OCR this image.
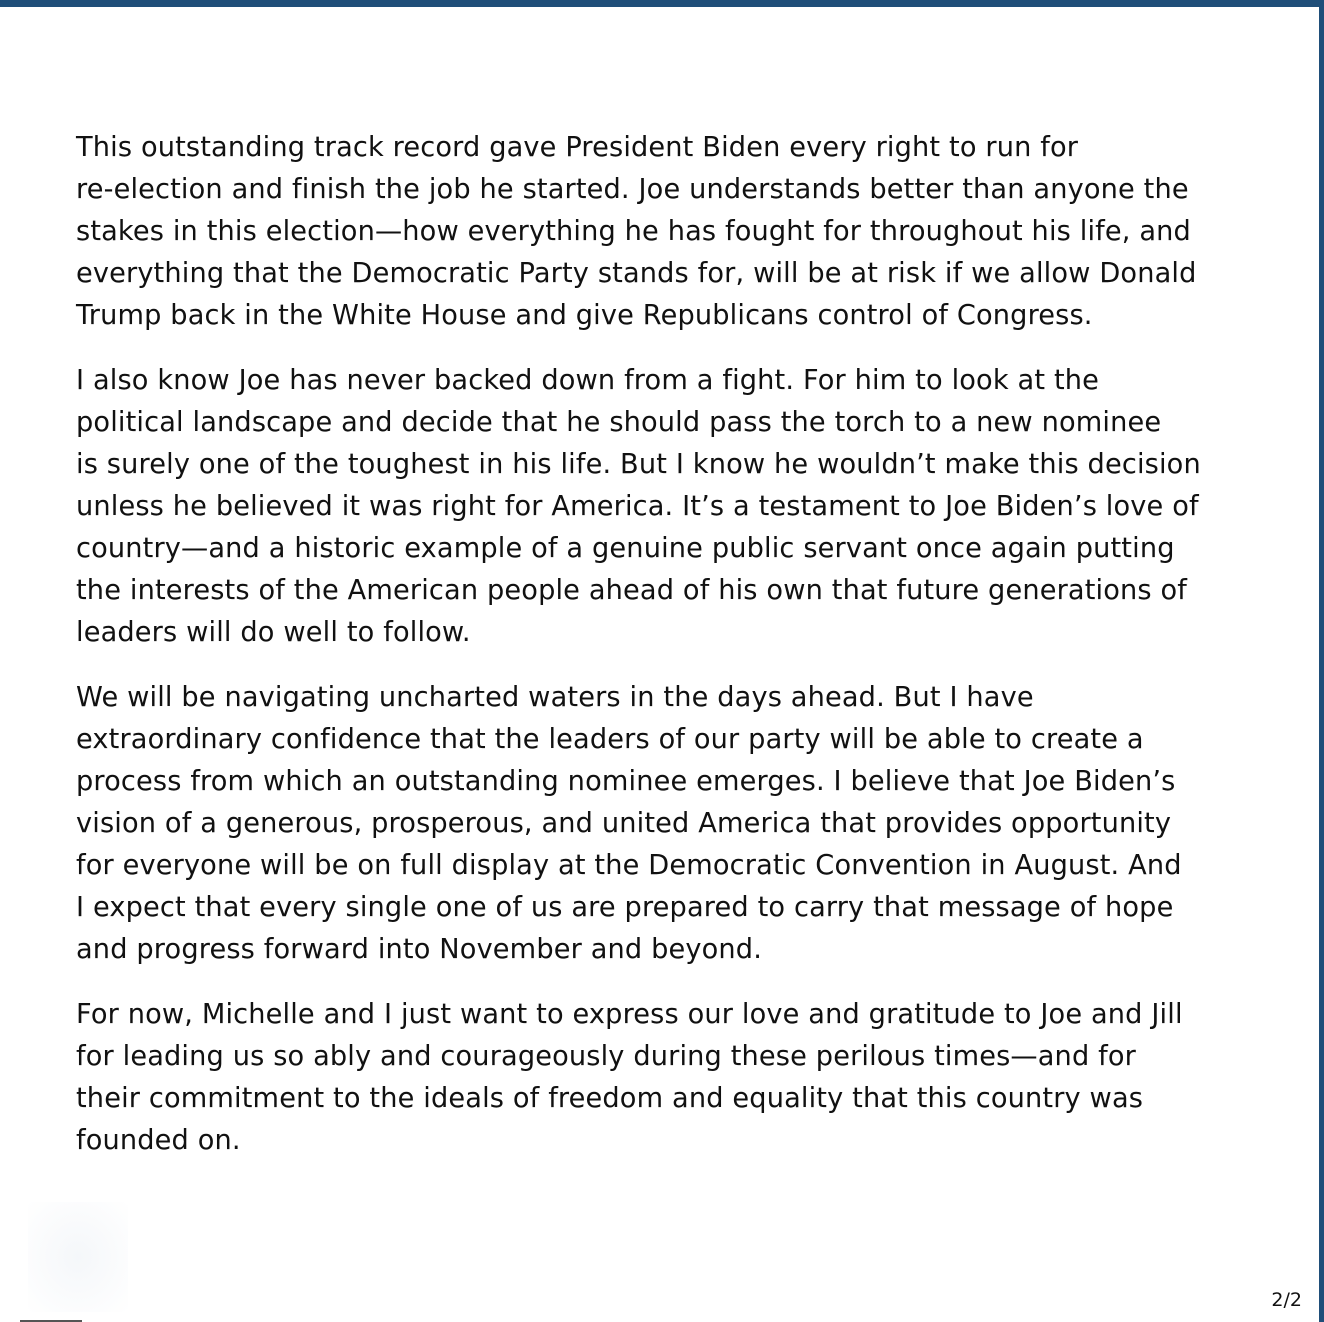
This outstanding track record gave President Biden every right to run for
re-election and finish the job he started. Joe understands better than anyone the
stakes in this election—how everything he has fought for throughout his life, and
everything that the Democratic Party stands for, will be at risk if we allow Donald
Trump back in the White House and give Republicans control of Congress.

I also know Joe has never backed down from a fight. For him to look at the
political landscape and decide that he should pass the torch to a new nominee
is surely one of the toughest in his life. But I know he wouldn’t make this decision
unless he believed it was right for America. It’s a testament to Joe Biden’s love of
country—and a historic example of a genuine public servant once again putting
the interests of the American people ahead of his own that future generations of
leaders will do well to follow.

We will be navigating uncharted waters in the days ahead. But I have
extraordinary confidence that the leaders of our party will be able to create a
process from which an outstanding nominee emerges. I believe that Joe Biden’s
vision of a generous, prosperous, and united America that provides opportunity
for everyone will be on full display at the Democratic Convention in August. And
I expect that every single one of us are prepared to carry that message of hope
and progress forward into November and beyond.

For now, Michelle and I just want to express our love and gratitude to Joe and Jill
for leading us so ably and courageously during these perilous times—and for
their commitment to the ideals of freedom and equality that this country was
founded on.

2/2
